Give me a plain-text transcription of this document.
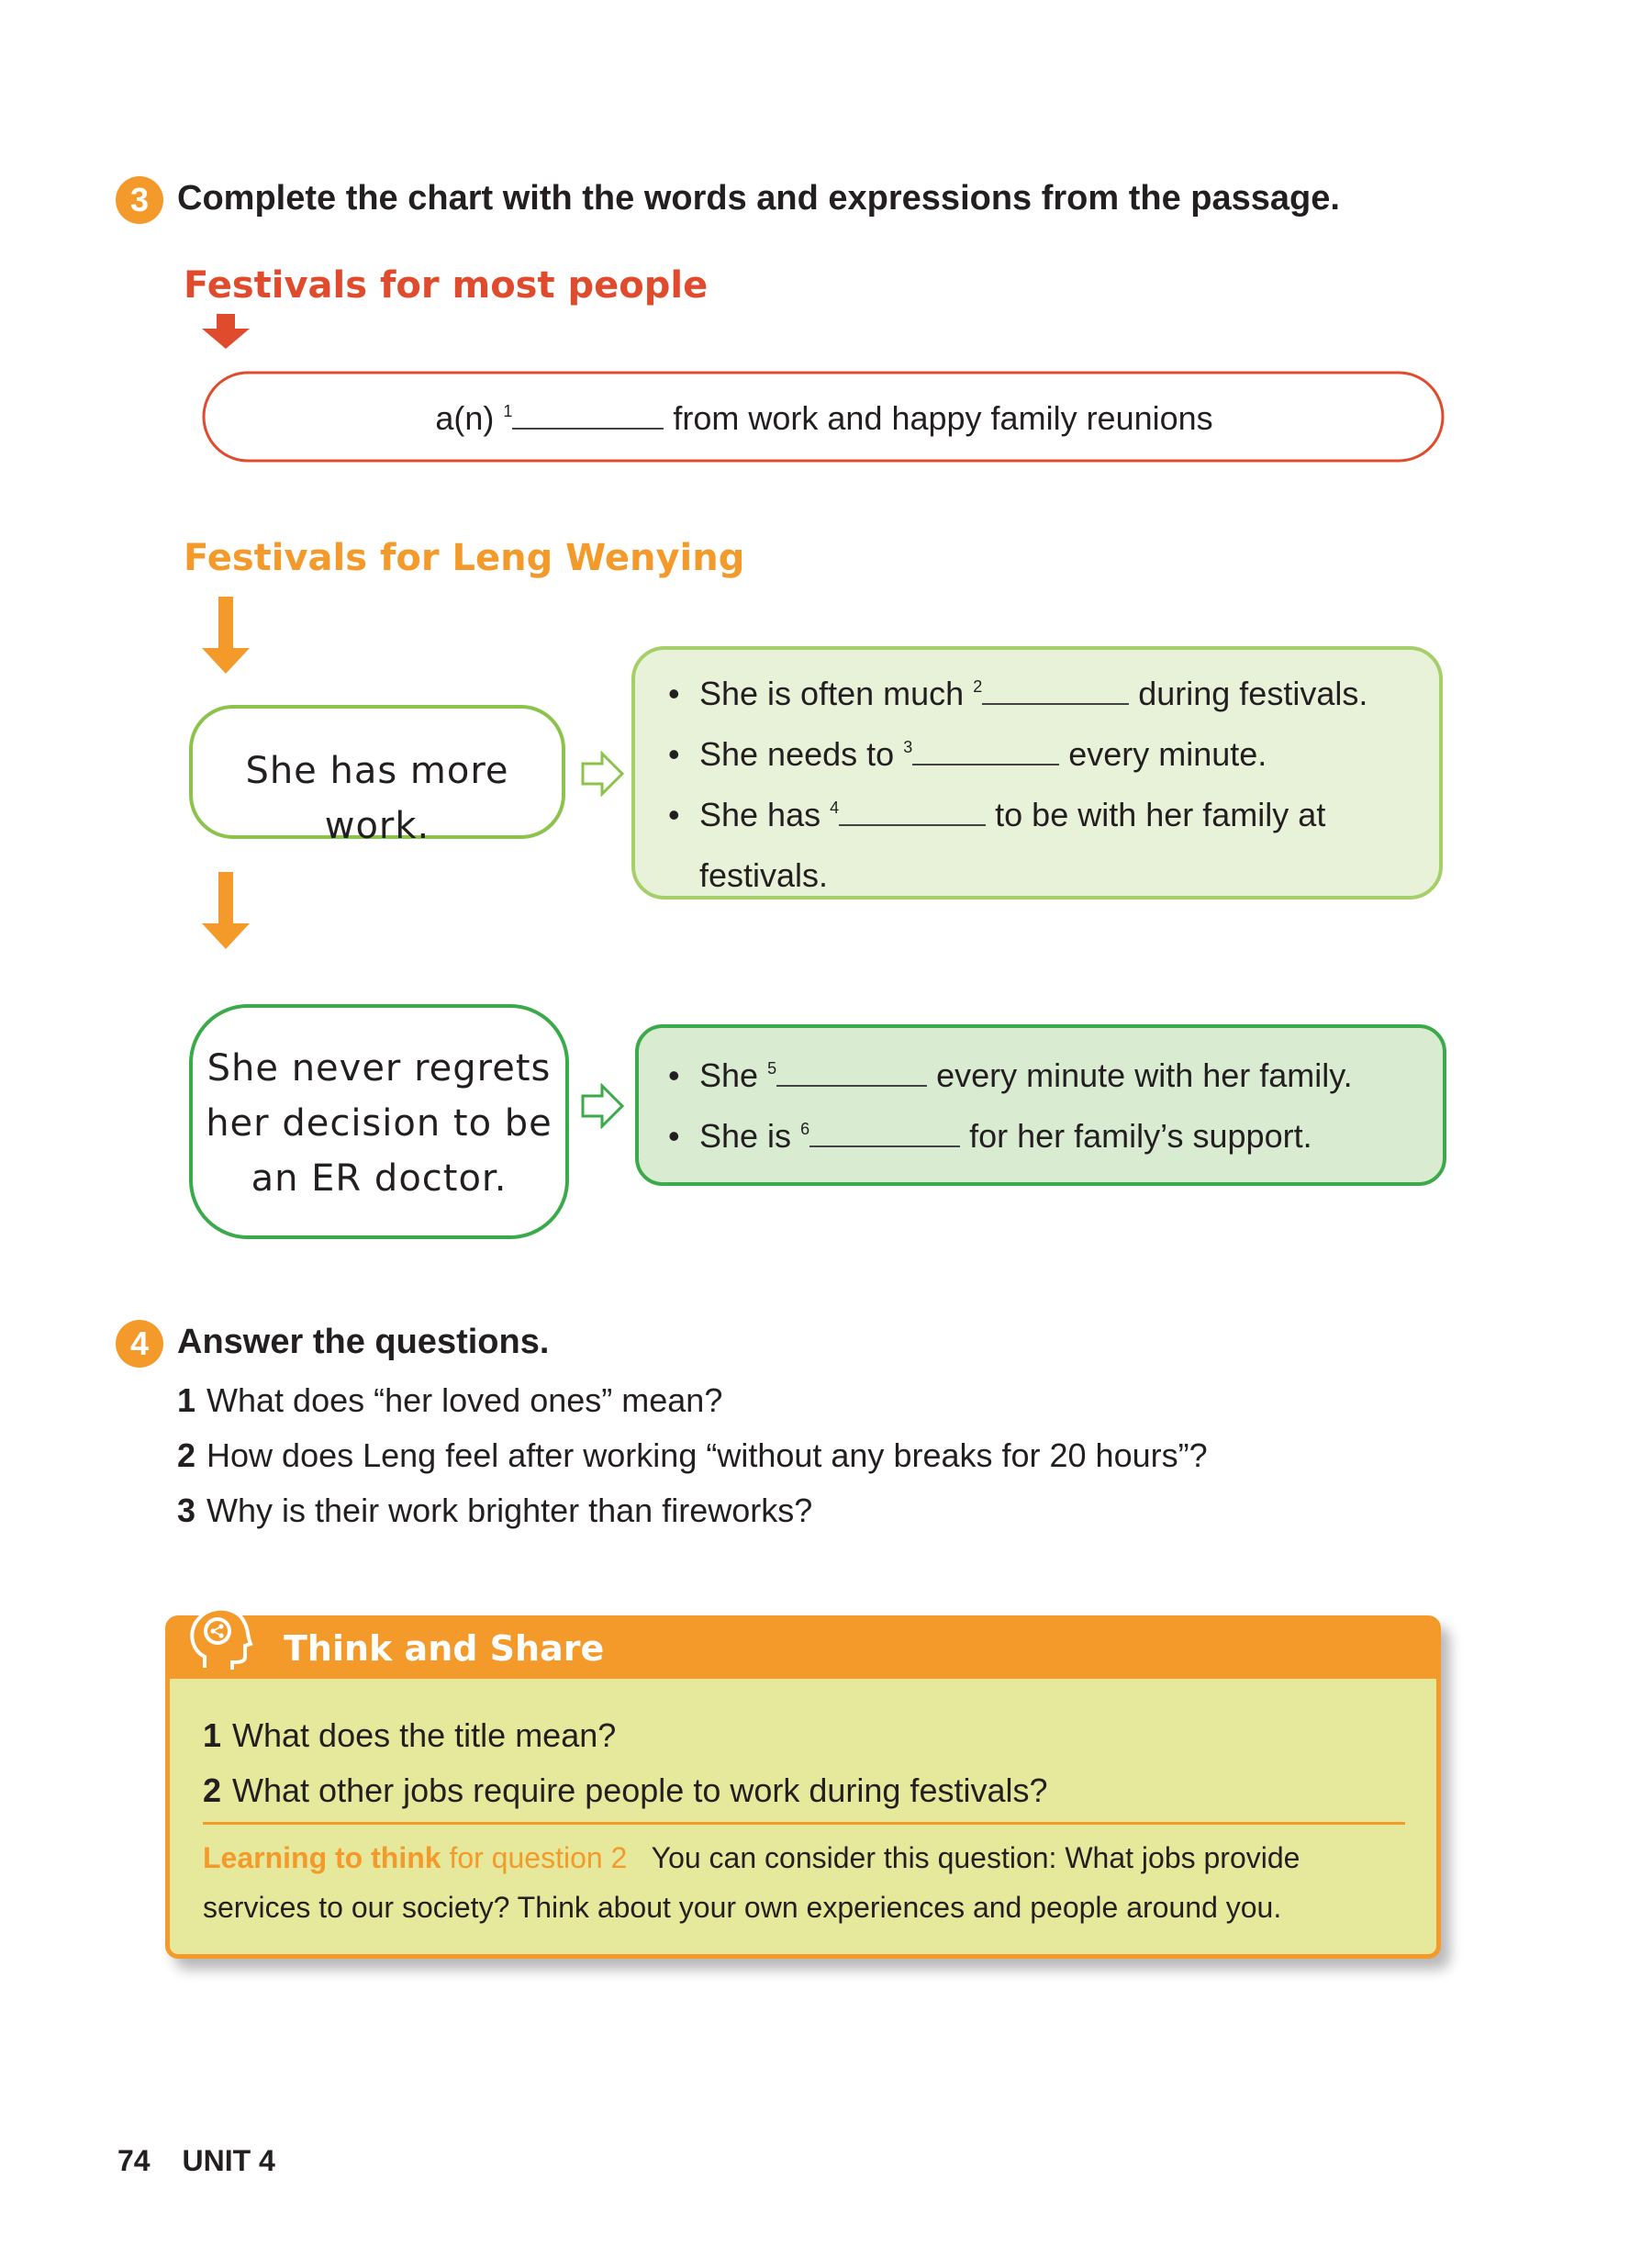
3 Complete the chart with the words and expressions from the passage.
Festivals for most people
a(n) $^1$	from work and happy family reunions
Festivals for Leng Wenying
She has more work.
• She is often much $^2$	during festivals.
• She needs to $^3$	every minute.
• She has $^4$	to be with her family at festivals.
She never regrets
her decision to be
an ER doctor.
• She $^5$	every minute with her family.
• She is $^6$	for her family’s support.
4 Answer the questions.
1 What does “her loved ones” mean?
2 How does Leng feel after working “without any breaks for 20 hours”?
3 Why is their work brighter than fireworks?
Think and Share
1 What does the title mean?
2 What other jobs require people to work during festivals?
Learning to think for question 2 You can consider this question: What jobs provide services to our society? Think about your own experiences and people around you.
74 UNIT 4
